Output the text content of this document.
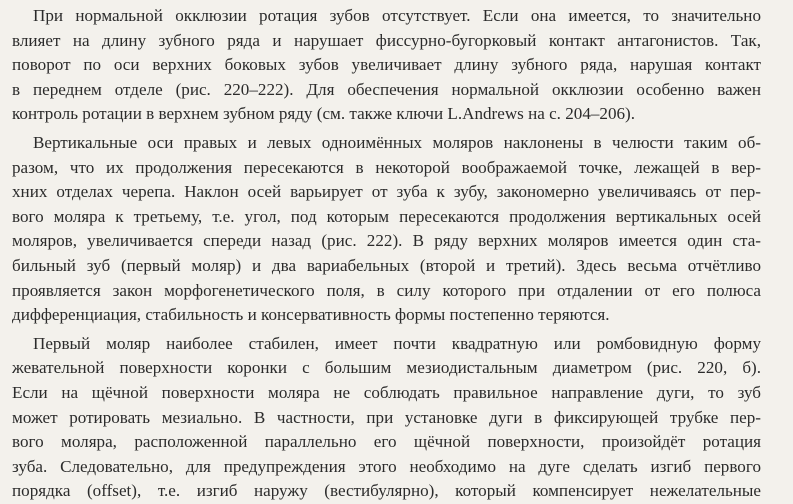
При нормальной окклюзии ротация зубов отсутствует. Если она имеется, то значительно
влияет на длину зубного ряда и нарушает фиссурно-бугорковый контакт антагонистов. Так,
поворот по оси верхних боковых зубов увеличивает длину зубного ряда, нарушая контакт
в переднем отделе (рис. 220–222). Для обеспечения нормальной окклюзии особенно важен
контроль ротации в верхнем зубном ряду (см. также ключи L.Andrews на с. 204–206).
Вертикальные оси правых и левых одноимённых моляров наклонены в челюсти таким об-
разом, что их продолжения пересекаются в некоторой воображаемой точке, лежащей в вер-
хних отделах черепа. Наклон осей варьирует от зуба к зубу, закономерно увеличиваясь от пер-
вого моляра к третьему, т.е. угол, под которым пересекаются продолжения вертикальных осей
моляров, увеличивается спереди назад (рис. 222). В ряду верхних моляров имеется один ста-
бильный зуб (первый моляр) и два вариабельных (второй и третий). Здесь весьма отчётливо
проявляется закон морфогенетического поля, в силу которого при отдалении от его полюса
дифференциация, стабильность и консервативность формы постепенно теряются.
Первый моляр наиболее стабилен, имеет почти квадратную или ромбовидную форму
жевательной поверхности коронки с большим мезиодистальным диаметром (рис. 220, б).
Если на щёчной поверхности моляра не соблюдать правильное направление дуги, то зуб
может ротировать мезиально. В частности, при установке дуги в фиксирующей трубке пер-
вого моляра, расположенной параллельно его щёчной поверхности, произойдёт ротация
зуба. Следовательно, для предупреждения этого необходимо на дуге сделать изгиб первого
порядка (offset), т.е. изгиб наружу (вестибулярно), который компенсирует нежелательные
